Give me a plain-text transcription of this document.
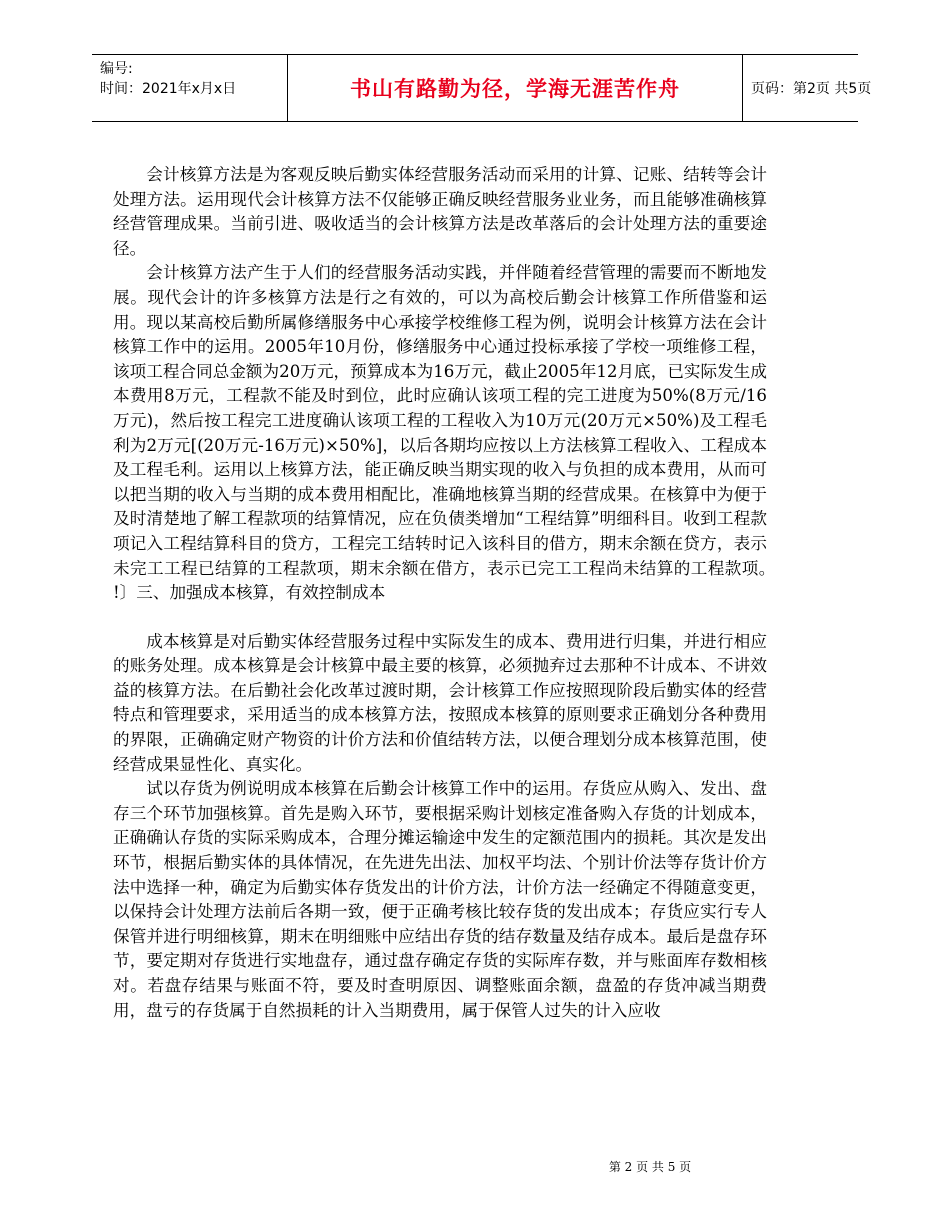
编号:
时间：2021年x月x日	书山有路勤为径，学海无涯苦作舟	页码：第2页 共5页

会计核算方法是为客观反映后勤实体经营服务活动而采用的计算、记账、结转等会计处理方法。运用现代会计核算方法不仅能够正确反映经营服务业业务，而且能够准确核算经营管理成果。当前引进、吸收适当的会计核算方法是改革落后的会计处理方法的重要途径。

会计核算方法产生于人们的经营服务活动实践，并伴随着经营管理的需要而不断地发展。现代会计的许多核算方法是行之有效的，可以为高校后勤会计核算工作所借鉴和运用。现以某高校后勤所属修缮服务中心承接学校维修工程为例，说明会计核算方法在会计核算工作中的运用。2005年10月份，修缮服务中心通过投标承接了学校一项维修工程，该项工程合同总金额为20万元，预算成本为16万元，截止2005年12月底，已实际发生成本费用8万元，工程款不能及时到位，此时应确认该项工程的完工进度为50%(8万元/16万元)，然后按工程完工进度确认该项工程的工程收入为10万元(20万元×50%)及工程毛利为2万元[(20万元-16万元)×50%]，以后各期均应按以上方法核算工程收入、工程成本及工程毛利。运用以上核算方法，能正确反映当期实现的收入与负担的成本费用，从而可以把当期的收入与当期的成本费用相配比，准确地核算当期的经营成果。在核算中为便于及时清楚地了解工程款项的结算情况，应在负债类增加“工程结算”明细科目。收到工程款项记入工程结算科目的贷方，工程完工结转时记入该科目的借方，期末余额在贷方，表示未完工工程已结算的工程款项，期末余额在借方，表示已完工工程尚未结算的工程款项。　 !〕三、加强成本核算，有效控制成本

成本核算是对后勤实体经营服务过程中实际发生的成本、费用进行归集，并进行相应的账务处理。成本核算是会计核算中最主要的核算，必须抛弃过去那种不计成本、不讲效益的核算方法。在后勤社会化改革过渡时期，会计核算工作应按照现阶段后勤实体的经营特点和管理要求，采用适当的成本核算方法，按照成本核算的原则要求正确划分各种费用的界限，正确确定财产物资的计价方法和价值结转方法，以便合理划分成本核算范围，使经营成果显性化、真实化。

试以存货为例说明成本核算在后勤会计核算工作中的运用。存货应从购入、发出、盘存三个环节加强核算。首先是购入环节，要根据采购计划核定准备购入存货的计划成本，正确确认存货的实际采购成本，合理分摊运输途中发生的定额范围内的损耗。其次是发出环节，根据后勤实体的具体情况，在先进先出法、加权平均法、个别计价法等存货计价方法中选择一种，确定为后勤实体存货发出的计价方法，计价方法一经确定不得随意变更，以保持会计处理方法前后各期一致，便于正确考核比较存货的发出成本；存货应实行专人保管并进行明细核算，期末在明细账中应结出存货的结存数量及结存成本。最后是盘存环节，要定期对存货进行实地盘存，通过盘存确定存货的实际库存数，并与账面库存数相核对。若盘存结果与账面不符，要及时查明原因、调整账面余额，盘盈的存货冲减当期费用，盘亏的存货属于自然损耗的计入当期费用，属于保管人过失的计入应收

第 2 页 共 5 页
